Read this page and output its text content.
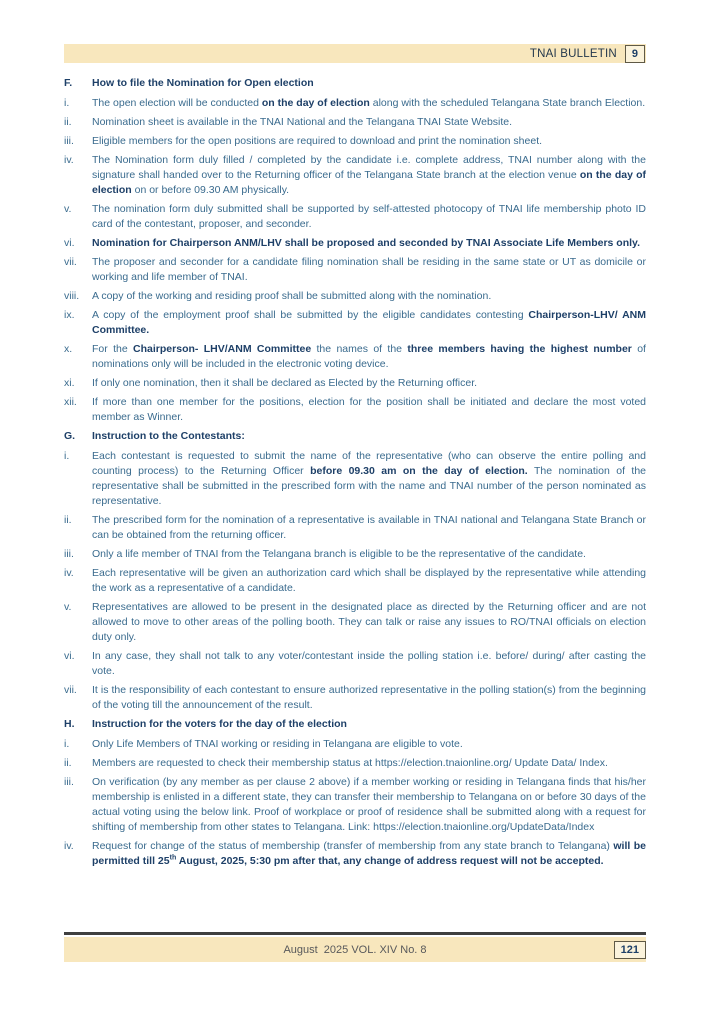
TNAI BULLETIN	9
F.	How to file the Nomination for Open election
i.	The open election will be conducted on the day of election along with the scheduled Telangana State branch Election.
ii.	Nomination sheet is available in the TNAI National and the Telangana TNAI State Website.
iii.	Eligible members for the open positions are required to download and print the nomination sheet.
iv.	The Nomination form duly filled / completed by the candidate i.e. complete address, TNAI number along with the signature shall handed over to the Returning officer of the Telangana State branch at the election venue on the day of election on or before 09.30 AM physically.
v.	The nomination form duly submitted shall be supported by self-attested photocopy of TNAI life membership photo ID card of the contestant, proposer, and seconder.
vi.	Nomination for Chairperson ANM/LHV shall be proposed and seconded by TNAI Associate Life Members only.
vii.	The proposer and seconder for a candidate filing nomination shall be residing in the same state or UT as domicile or working and life member of TNAI.
viii.	A copy of the working and residing proof shall be submitted along with the nomination.
ix.	A copy of the employment proof shall be submitted by the eligible candidates contesting Chairperson-LHV/ ANM Committee.
x.	For the Chairperson- LHV/ANM Committee the names of the three members having the highest number of nominations only will be included in the electronic voting device.
xi.	If only one nomination, then it shall be declared as Elected by the Returning officer.
xii.	If more than one member for the positions, election for the position shall be initiated and declare the most voted member as Winner.
G.	Instruction to the Contestants:
i.	Each contestant is requested to submit the name of the representative (who can observe the entire polling and counting process) to the Returning Officer before 09.30 am on the day of election. The nomination of the representative shall be submitted in the prescribed form with the name and TNAI number of the person nominated as representative.
ii.	The prescribed form for the nomination of a representative is available in TNAI national and Telangana State Branch or can be obtained from the returning officer.
iii.	Only a life member of TNAI from the Telangana branch is eligible to be the representative of the candidate.
iv.	Each representative will be given an authorization card which shall be displayed by the representative while attending the work as a representative of a candidate.
v.	Representatives are allowed to be present in the designated place as directed by the Returning officer and are not allowed to move to other areas of the polling booth. They can talk or raise any issues to RO/TNAI officials on election duty only.
vi.	In any case, they shall not talk to any voter/contestant inside the polling station i.e. before/ during/ after casting the vote.
vii.	It is the responsibility of each contestant to ensure authorized representative in the polling station(s) from the beginning of the voting till the announcement of the result.
H.	Instruction for the voters for the day of the election
i.	Only Life Members of TNAI working or residing in Telangana are eligible to vote.
ii.	Members are requested to check their membership status at https://election.tnaionline.org/ Update Data/ Index.
iii.	On verification (by any member as per clause 2 above) if a member working or residing in Telangana finds that his/her membership is enlisted in a different state, they can transfer their membership to Telangana on or before 30 days of the actual voting using the below link. Proof of workplace or proof of residence shall be submitted along with a request for shifting of membership from other states to Telangana. Link: https://election.tnaionline.org/UpdateData/Index
iv.	Request for change of the status of membership (transfer of membership from any state branch to Telangana) will be permitted till 25th August, 2025, 5:30 pm after that, any change of address request will not be accepted.
August  2025 VOL. XIV No. 8	121
